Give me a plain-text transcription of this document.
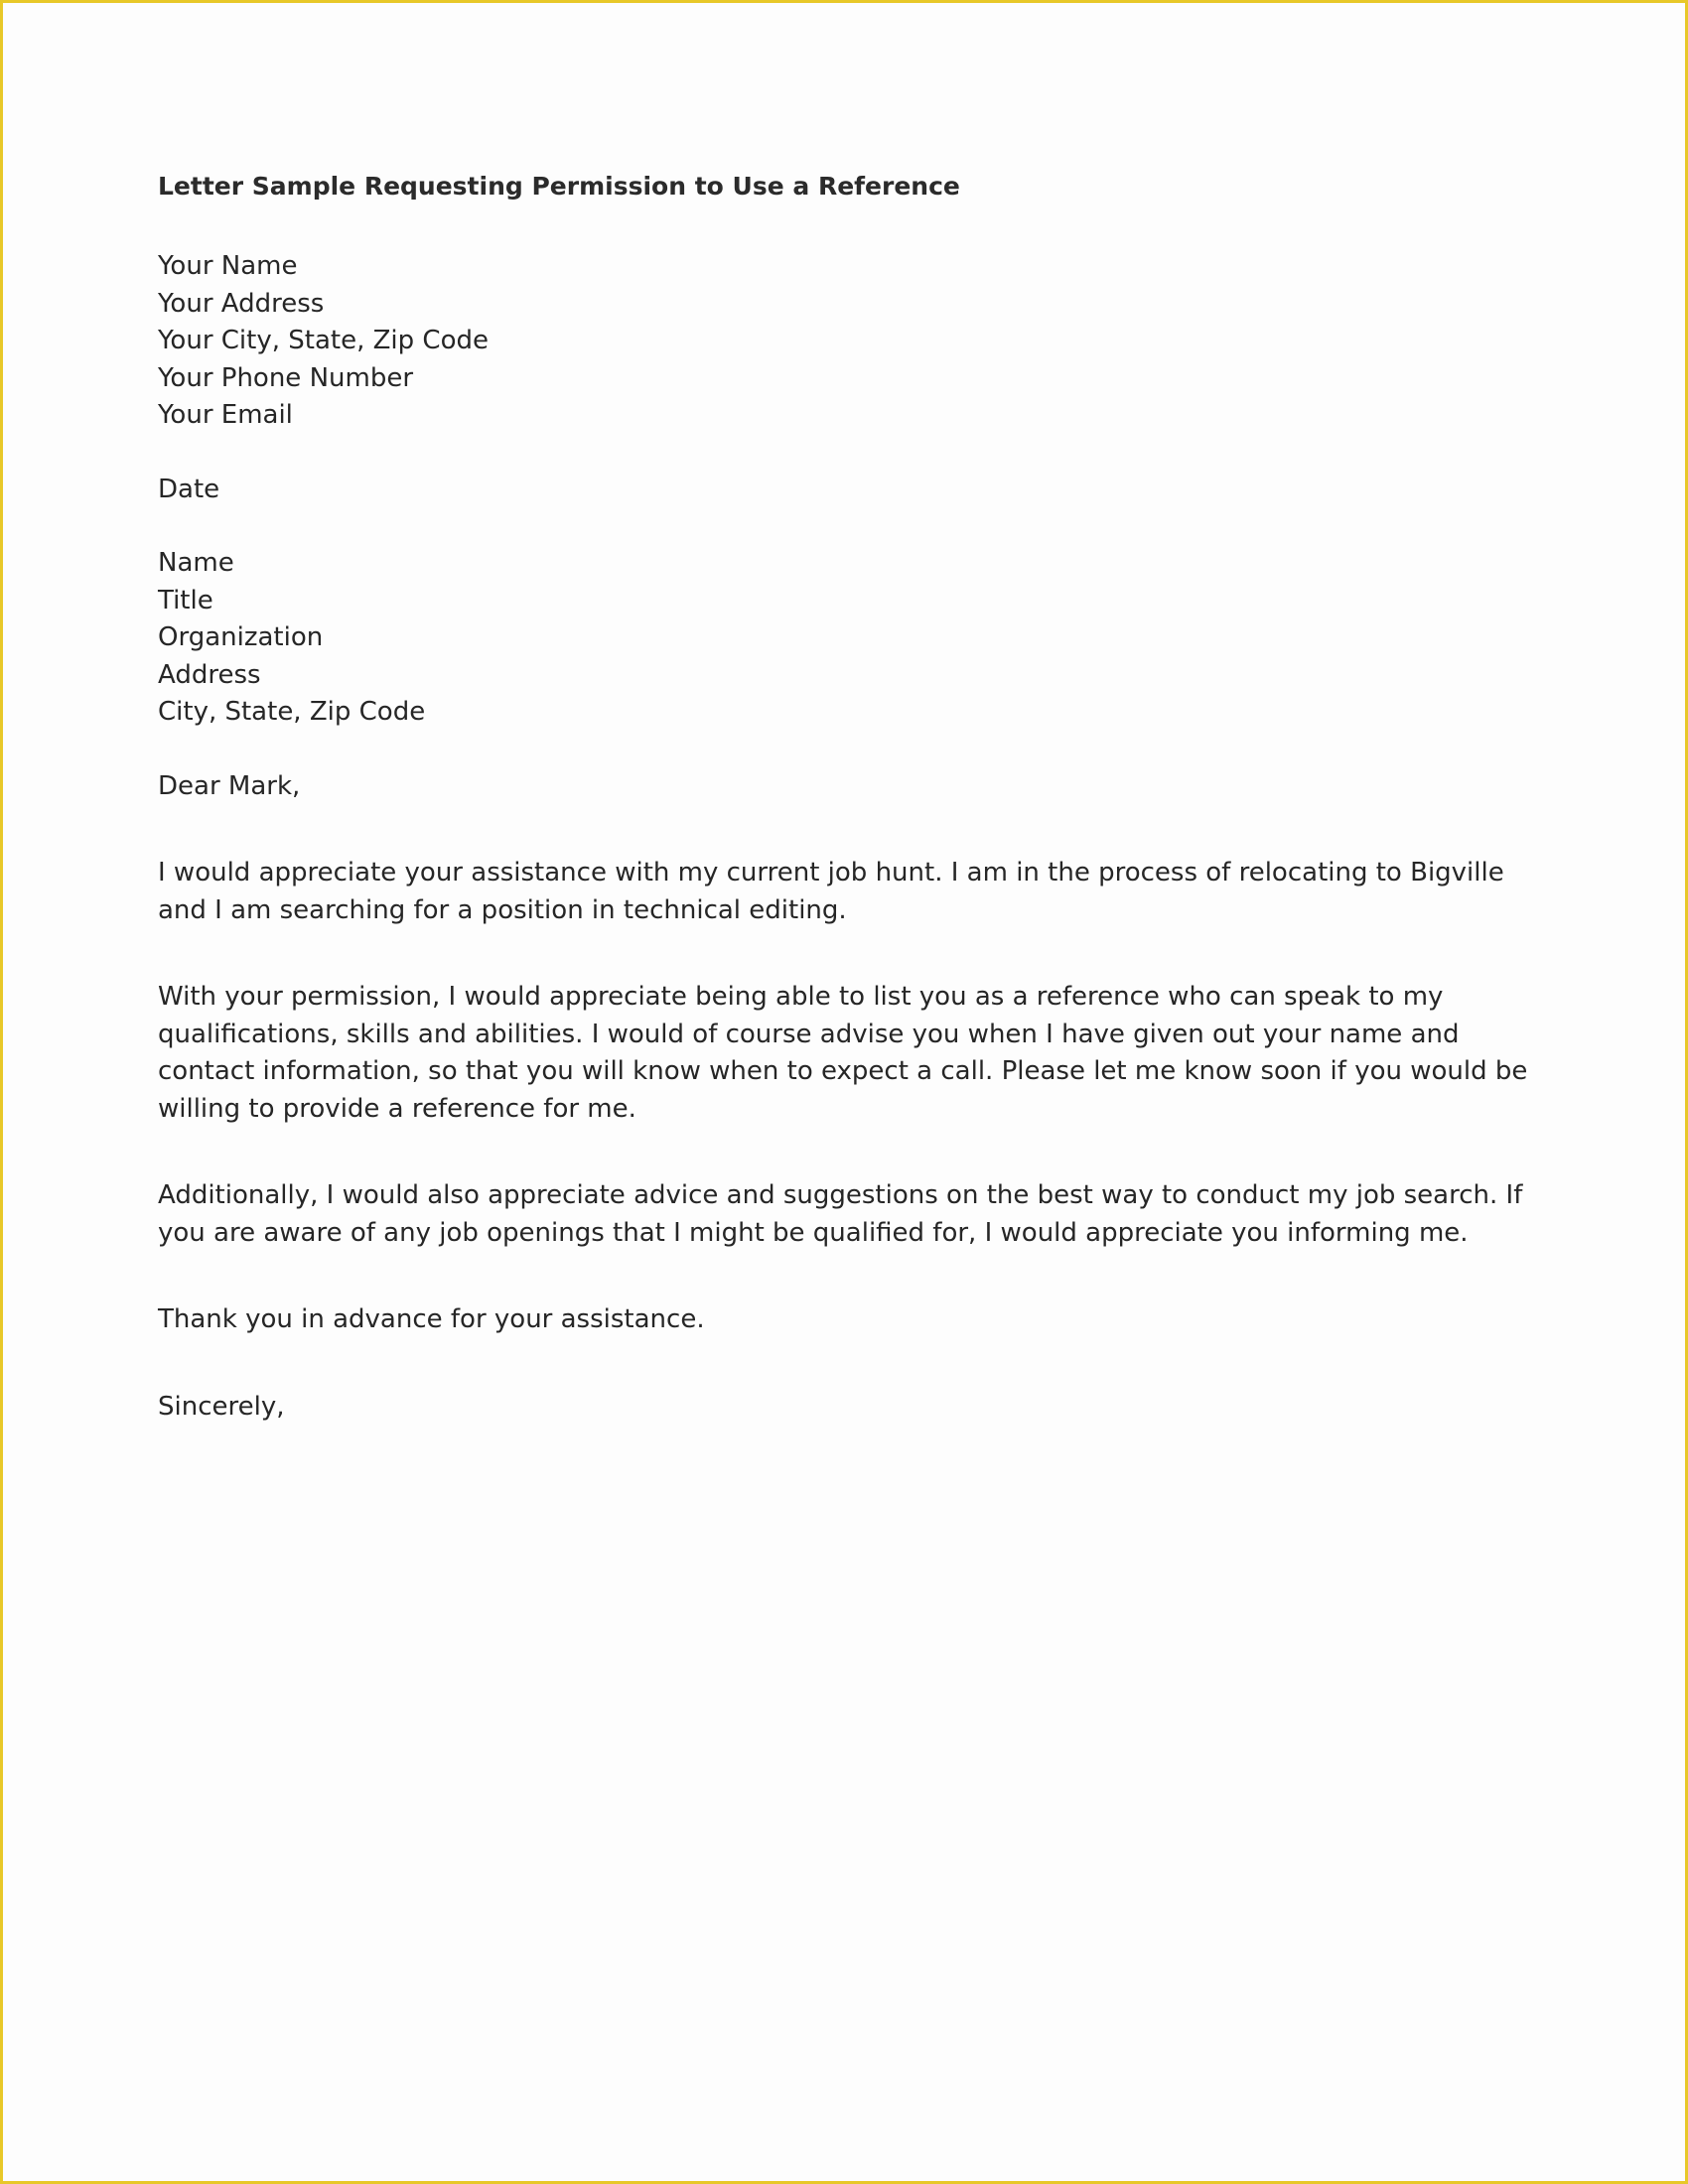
Letter Sample Requesting Permission to Use a Reference
Your Name
Your Address
Your City, State, Zip Code
Your Phone Number
Your Email
Date
Name
Title
Organization
Address
City, State, Zip Code
Dear Mark,
I would appreciate your assistance with my current job hunt. I am in the process of relocating to Bigville and I am searching for a position in technical editing.
With your permission, I would appreciate being able to list you as a reference who can speak to my qualifications, skills and abilities. I would of course advise you when I have given out your name and contact information, so that you will know when to expect a call. Please let me know soon if you would be willing to provide a reference for me.
Additionally, I would also appreciate advice and suggestions on the best way to conduct my job search. If you are aware of any job openings that I might be qualified for, I would appreciate you informing me.
Thank you in advance for your assistance.
Sincerely,
